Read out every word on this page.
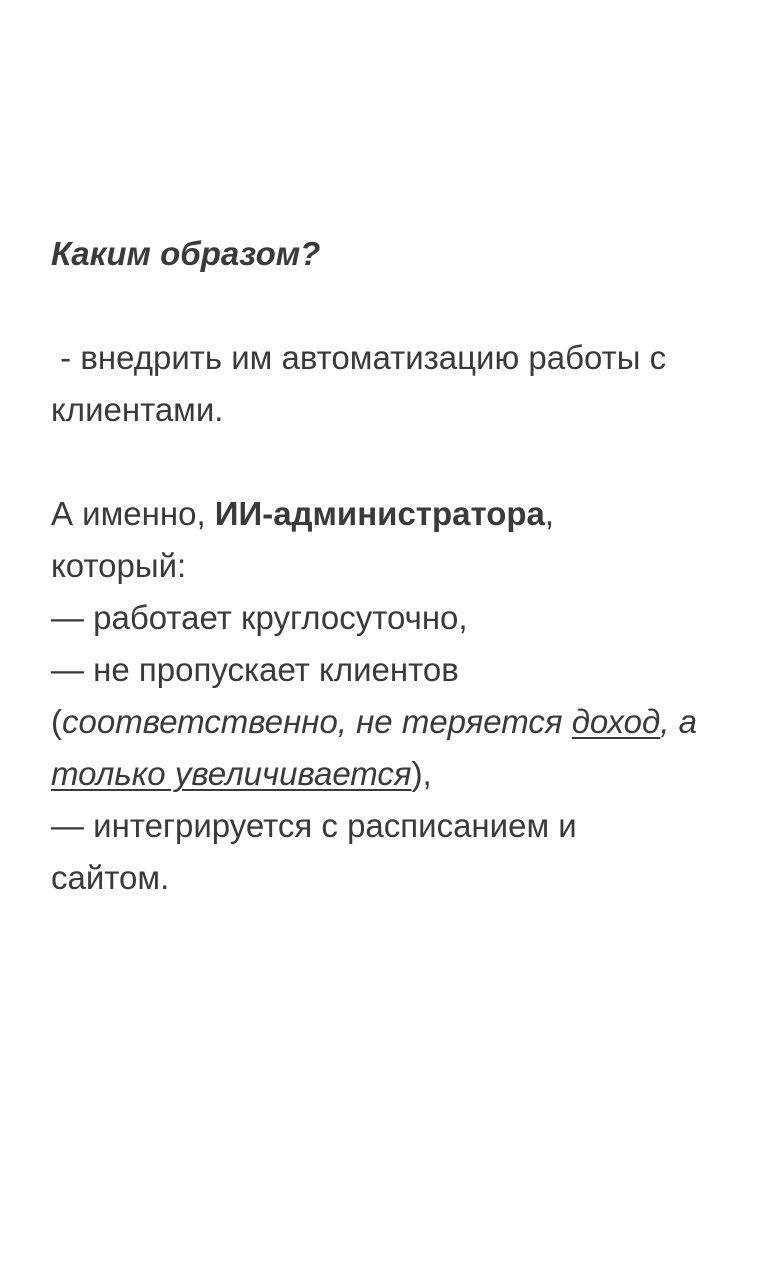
Каким образом?

- внедрить им автоматизацию работы с
клиентами.

А именно, ИИ-администратора,
который:
— работает круглосуточно,
— не пропускает клиентов
(соответственно, не теряется доход, а
только увеличивается),
— интегрируется с расписанием и
сайтом.
